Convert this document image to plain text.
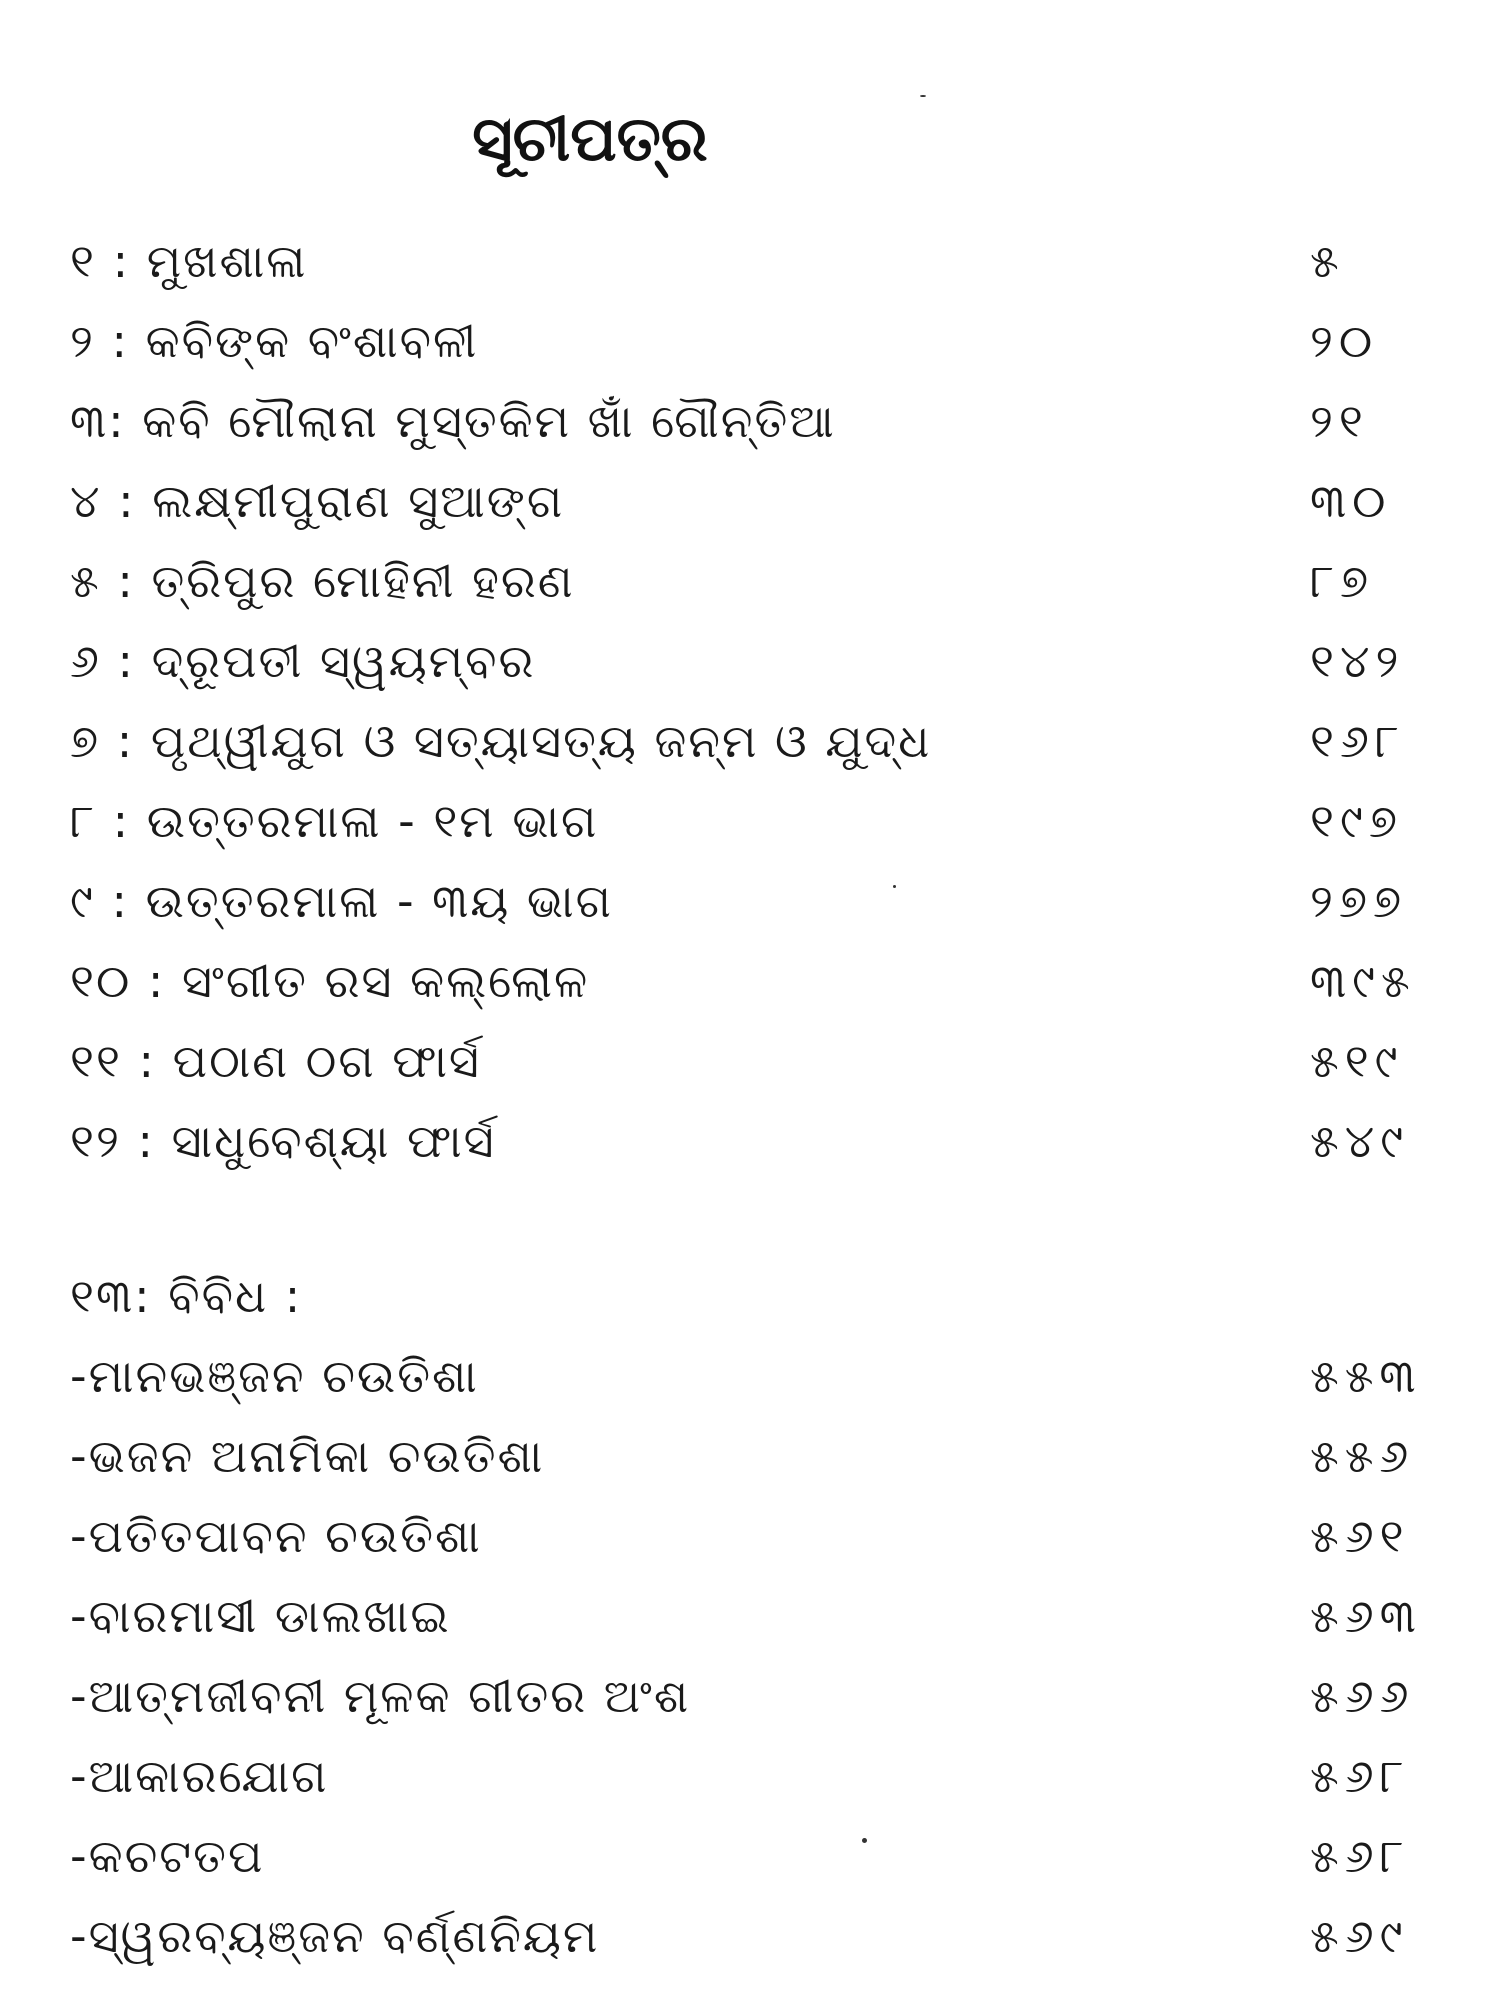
ସୂଚୀପତ୍ର
୧ : ମୁଖଶାଳା	୫
୨ : କବିଙ୍କ ବଂଶାବଳୀ	୨୦
୩: କବି ମୌଲାନା ମୁସ୍ତକିମ ଖାଁ ଗୌନ୍ତିଆ	୨୧
୪ : ଲକ୍ଷ୍ମୀପୁରାଣ ସୁଆଙ୍ଗ	୩୦
୫ : ତ୍ରିପୁର ମୋହିନୀ ହରଣ	୮୭
୬ : ଦ୍ରୂପତୀ ସ୍ୱୟମ୍ବର	୧୪୨
୭ : ପୃଥ୍ୱୀଯୁଗ ଓ ସତ୍ୟାସତ୍ୟ ଜନ୍ମ ଓ ଯୁଦ୍ଧ	୧୬୮
୮ : ଉତ୍ତରମାଳା - ୧ମ ଭାଗ	୧୯୭
୯ : ଉତ୍ତରମାଳା - ୩ୟ ଭାଗ	୨୭୭
୧୦ : ସଂଗୀତ ରସ କଲ୍ଲୋଳ	୩୯୫
୧୧ : ପଠାଣ ଠଗ ଫାର୍ସ	୫୧୯
୧୨ : ସାଧୁବେଶ୍ୟା ଫାର୍ସ	୫୪୯
୧୩: ବିବିଧ :
-ମାନଭଞ୍ଜନ ଚଉତିଶା	୫୫୩
-ଭଜନ ଅନାମିକା ଚଉତିଶା	୫୫୬
-ପତିତପାବନ ଚଉତିଶା	୫୬୧
-ବାରମାସୀ ଡାଲଖାଇ	୫୬୩
-ଆତ୍ମଜୀବନୀ ମୂଳକ ଗୀତର ଅଂଶ	୫୬୬
-ଆକାରଯୋଗ	୫୬୮
-କଚଟତପ	୫୬୮
-ସ୍ୱରବ୍ୟଞ୍ଜନ ବର୍ଣ୍ଣନିୟମ	୫୬୯
